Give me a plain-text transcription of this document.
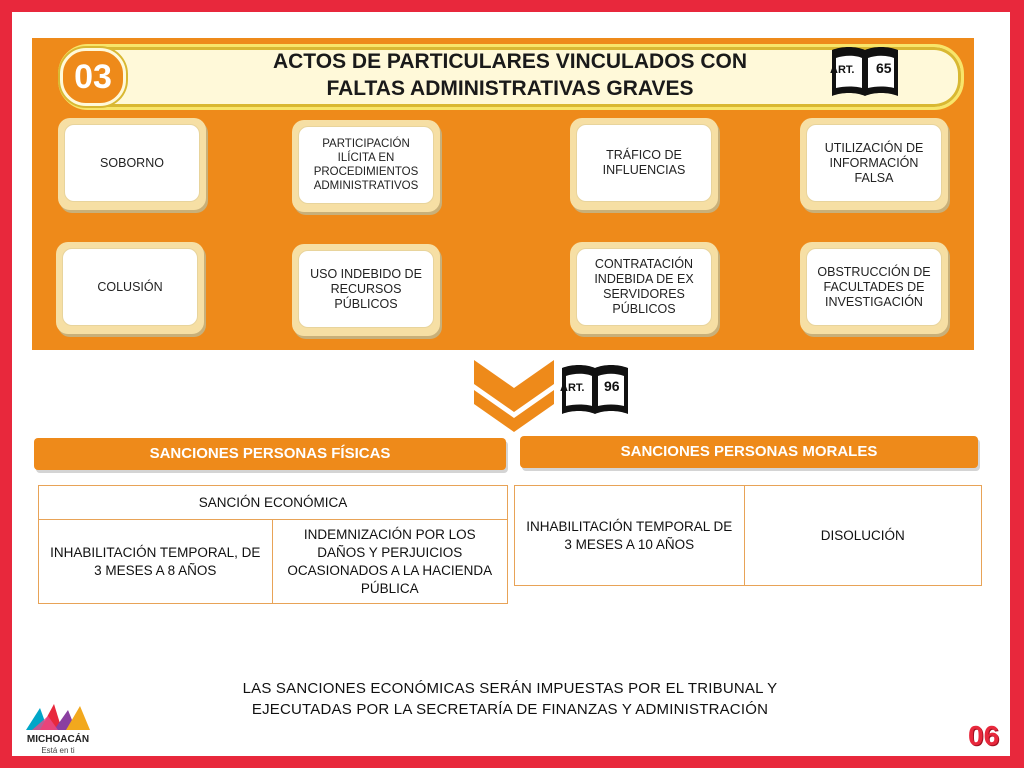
03	ACTOS DE PARTICULARES VINCULADOS CON
FALTAS ADMINISTRATIVAS GRAVES
ART. 65
SOBORNO
PARTICIPACIÓN ILÍCITA EN PROCEDIMIENTOS ADMINISTRATIVOS
TRÁFICO DE INFLUENCIAS
UTILIZACIÓN DE INFORMACIÓN FALSA
COLUSIÓN
USO INDEBIDO DE RECURSOS PÚBLICOS
CONTRATACIÓN INDEBIDA DE EX SERVIDORES PÚBLICOS
OBSTRUCCIÓN DE FACULTADES DE INVESTIGACIÓN
ART. 96
SANCIONES PERSONAS FÍSICAS	SANCIONES PERSONAS MORALES
SANCIÓN ECONÓMICA
INHABILITACIÓN TEMPORAL, DE 3 MESES A 8 AÑOS	INDEMNIZACIÓN POR LOS DAÑOS Y PERJUICIOS OCASIONADOS A LA HACIENDA PÚBLICA
INHABILITACIÓN TEMPORAL DE 3 MESES A 10 AÑOS	DISOLUCIÓN
LAS SANCIONES ECONÓMICAS SERÁN IMPUESTAS POR EL TRIBUNAL Y
EJECUTADAS POR LA SECRETARÍA DE FINANZAS Y ADMINISTRACIÓN
MICHOACÁN
Está en ti	06
